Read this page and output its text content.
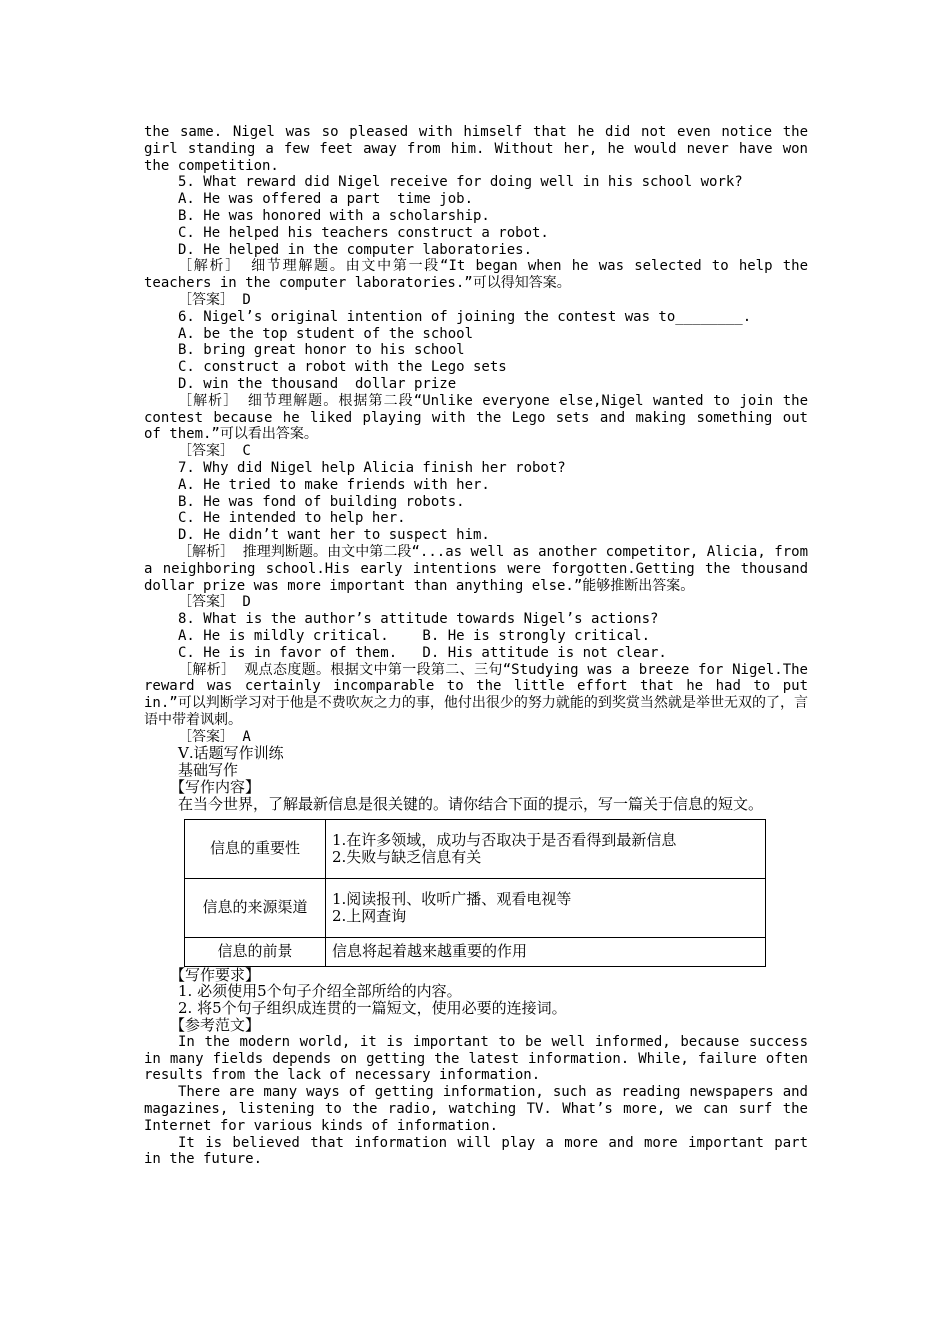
the same. Nigel was so pleased with himself that he did not even notice the girl standing a few feet away from him. Without her, he would never have won the competition.

5. What reward did Nigel receive for doing well in his school work?

A. He was offered a part  time job.

B. He was honored with a scholarship.

C. He helped his teachers construct a robot.

D. He helped in the computer laboratories.

［解析］ 细节理解题。由文中第一段“It began when he was selected to help the teachers in the computer laboratories.”可以得知答案。

［答案］ D

6. Nigel’s original intention of joining the contest was to________.

A. be the top student of the school

B. bring great honor to his school

C. construct a robot with the Lego sets

D. win the thousand  dollar prize

［解析］ 细节理解题。根据第二段“Unlike everyone else,Nigel wanted to join the contest because he liked playing with the Lego sets and making something out of them.”可以看出答案。

［答案］ C

7. Why did Nigel help Alicia finish her robot?

A. He tried to make friends with her.

B. He was fond of building robots.

C. He intended to help her.

D. He didn’t want her to suspect him.

［解析］ 推理判断题。由文中第二段“...as well as another competitor, Alicia, from a neighboring school.His early intentions were forgotten.Getting the thousand dollar prize was more important than anything else.”能够推断出答案。

［答案］ D

8. What is the author’s attitude towards Nigel’s actions?

A. He is mildly critical.    B. He is strongly critical.

C. He is in favor of them.   D. His attitude is not clear.

［解析］ 观点态度题。根据文中第一段第二、三句“Studying was a breeze for Nigel.The reward was certainly incomparable to the little effort that he had to put in.”可以判断学习对于他是不费吹灰之力的事，他付出很少的努力就能的到奖赏当然就是举世无双的了，言语中带着讽刺。

［答案］ A

Ⅴ.话题写作训练

基础写作

【写作内容】

在当今世界，了解最新信息是很关键的。请你结合下面的提示，写一篇关于信息的短文。

信息的重要性	1.在许多领域，成功与否取决于是否看得到最新信息
2.失败与缺乏信息有关

信息的来源渠道	1.阅读报刊、收听广播、观看电视等
2.上网查询

信息的前景	信息将起着越来越重要的作用

【写作要求】

1. 必须使用5个句子介绍全部所给的内容。

2. 将5个句子组织成连贯的一篇短文，使用必要的连接词。

【参考范文】

In the modern world, it is important to be well informed, because success in many fields depends on getting the latest information. While, failure often results from the lack of necessary information.

There are many ways of getting information, such as reading newspapers and magazines, listening to the radio, watching TV. What’s more, we can surf the Internet for various kinds of information.

It is believed that information will play a more and more important part in the future.
